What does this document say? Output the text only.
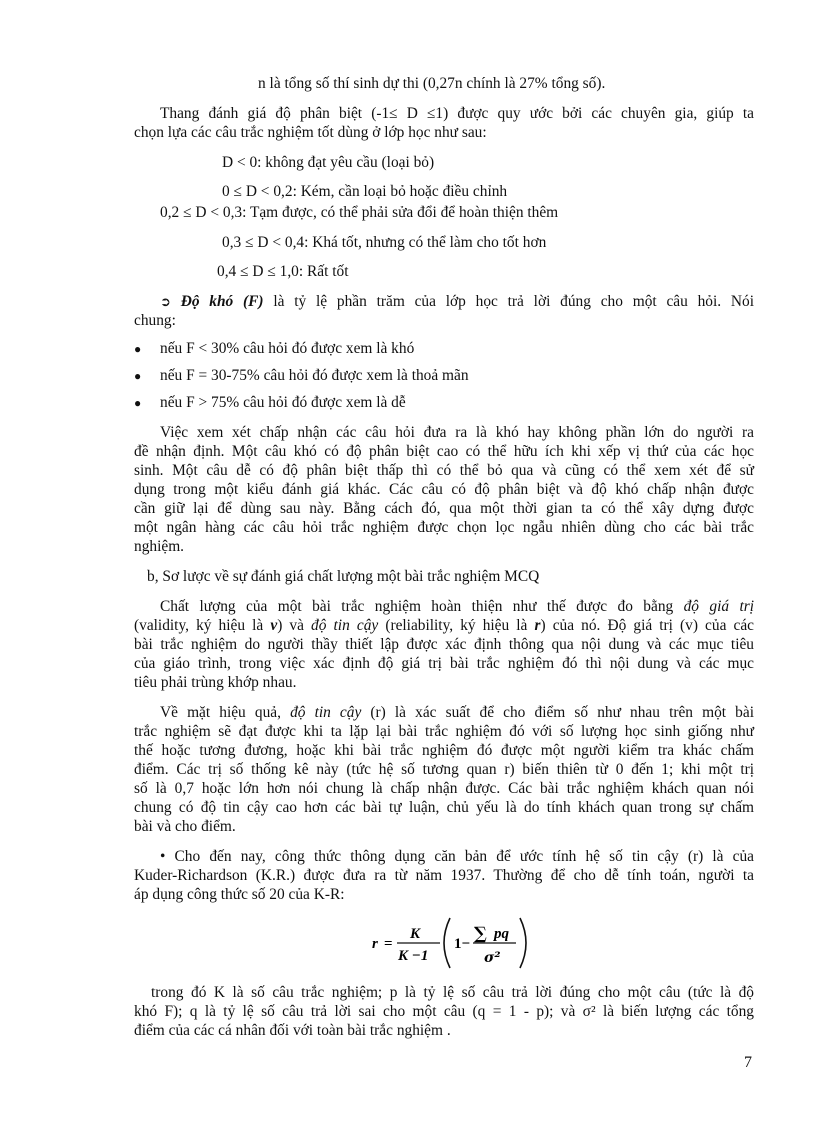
n là tổng số thí sinh dự thi (0,27n chính là 27% tổng số).
Thang đánh giá độ phân biệt (-1≤ D ≤1) được quy ước bởi các chuyên gia, giúp ta
chọn lựa các câu trắc nghiệm tốt dùng ở lớp học như sau:
D < 0: không đạt yêu cầu (loại bỏ)
0 ≤ D < 0,2: Kém, cần loại bỏ hoặc điều chỉnh
0,2 ≤ D < 0,3: Tạm được, có thể phải sửa đổi để hoàn thiện thêm
0,3 ≤ D < 0,4: Khá tốt, nhưng có thể làm cho tốt hơn
0,4 ≤ D ≤ 1,0: Rất tốt
➲ Độ khó (F) là tỷ lệ phần trăm của lớp học trả lời đúng cho một câu hỏi. Nói
chung:
● nếu F < 30% câu hỏi đó được xem là khó
● nếu F = 30-75% câu hỏi đó được xem là thoả mãn
● nếu F > 75% câu hỏi đó được xem là dễ
Việc xem xét chấp nhận các câu hỏi đưa ra là khó hay không phần lớn do người ra
đề nhận định. Một câu khó có độ phân biệt cao có thể hữu ích khi xếp vị thứ của các học
sinh. Một câu dễ có độ phân biệt thấp thì có thể bỏ qua và cũng có thể xem xét để sử
dụng trong một kiểu đánh giá khác. Các câu có độ phân biệt và độ khó chấp nhận được
cần giữ lại để dùng sau này. Bằng cách đó, qua một thời gian ta có thể xây dựng được
một ngân hàng các câu hỏi trắc nghiệm được chọn lọc ngẫu nhiên dùng cho các bài trắc
nghiệm.
b, Sơ lược về sự đánh giá chất lượng một bài trắc nghiệm MCQ
Chất lượng của một bài trắc nghiệm hoàn thiện như thế được đo bằng độ giá trị
(validity, ký hiệu là v) và độ tin cậy (reliability, ký hiệu là r) của nó. Độ giá trị (v) của các
bài trắc nghiệm do người thầy thiết lập được xác định thông qua nội dung và các mục tiêu
của giáo trình, trong việc xác định độ giá trị bài trắc nghiệm đó thì nội dung và các mục
tiêu phải trùng khớp nhau.
Về mặt hiệu quả, độ tin cậy (r) là xác suất để cho điểm số như nhau trên một bài
trắc nghiệm sẽ đạt được khi ta lặp lại bài trắc nghiệm đó với số lượng học sinh giống như
thế hoặc tương đương, hoặc khi bài trắc nghiệm đó được một người kiểm tra khác chấm
điểm. Các trị số thống kê này (tức hệ số tương quan r) biến thiên từ 0 đến 1; khi một trị
số là 0,7 hoặc lớn hơn nói chung là chấp nhận được. Các bài trắc nghiệm khách quan nói
chung có độ tin cậy cao hơn các bài tự luận, chủ yếu là do tính khách quan trong sự chấm
bài và cho điểm.
• Cho đến nay, công thức thông dụng căn bản để ước tính hệ số tin cậy (r) là của
Kuder-Richardson (K.R.) được đưa ra từ năm 1937. Thường để cho dễ tính toán, người ta
áp dụng công thức số 20 của K-R:
r =
K
K −1
1− ∑ pq
σ²
trong đó K là số câu trắc nghiệm; p là tỷ lệ số câu trả lời đúng cho một câu (tức là độ
khó F); q là tỷ lệ số câu trả lời sai cho một câu (q = 1 - p); và σ² là biến lượng các tổng
điểm của các cá nhân đối với toàn bài trắc nghiệm .
7
